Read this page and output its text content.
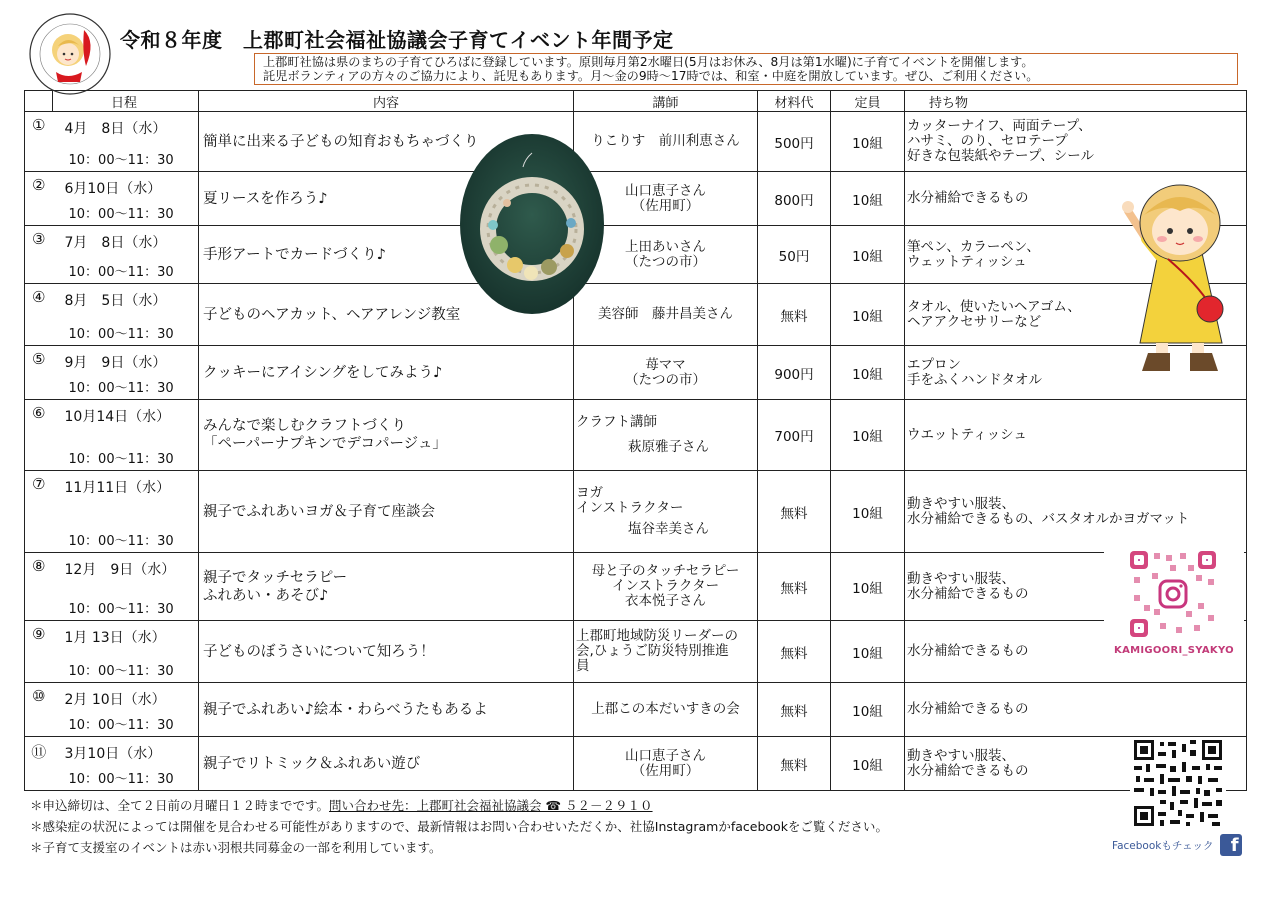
令和８年度　上郡町社会福祉協議会子育てイベント年間予定
上郡町社協は県のまちの子育てひろばに登録しています。原則毎月第2水曜日(5月はお休み、8月は第1水曜)に子育てイベントを開催します。
託児ボランティアの方々のご協力により、託児もあります。月～金の9時～17時では、和室・中庭を開放しています。ぜひ、ご利用ください。
	日程	内容	講師	材料代	定員	持ち物
①	4月　8日（水）
10：00～11：30	簡単に出来る子どもの知育おもちゃづくり	りこりす　前川利恵さん	500円	10組	カッターナイフ、両面テープ、
ハサミ、のり、セロテープ
好きな包装紙やテープ、シール
②	6月10日（水）
10：00～11：30	夏リースを作ろう♪	山口恵子さん
（佐用町）	800円	10組	水分補給できるもの
③	7月　8日（水）
10：00～11：30	手形アートでカードづくり♪	上田あいさん
（たつの市）	50円	10組	筆ペン、カラーペン、
ウェットティッシュ
④	8月　5日（水）
10：00～11：30	子どものヘアカット、ヘアアレンジ教室	美容師　藤井昌美さん	無料	10組	タオル、使いたいヘアゴム、
ヘアアクセサリーなど
⑤	9月　9日（水）
10：00～11：30	クッキーにアイシングをしてみよう♪	苺ママ
（たつの市）	900円	10組	エプロン
手をふくハンドタオル
⑥	10月14日（水）
10：00～11：30	みんなで楽しむクラフトづくり
「ペーパーナプキンでデコパージュ」	クラフト講師

萩原雅子さん	700円	10組	ウエットティッシュ
⑦	11月11日（水）
10：00～11：30	親子でふれあいヨガ＆子育て座談会	ヨガ
インストラクター

塩谷幸美さん	無料	10組	動きやすい服装、
水分補給できるもの、バスタオルかヨガマット
⑧	12月　9日（水）
10：00～11：30	親子でタッチセラピー
ふれあい・あそび♪	母と子のタッチセラピー
インストラクター
衣本悦子さん	無料	10組	動きやすい服装、
水分補給できるもの
⑨	1月 13日（水）
10：00～11：30	子どものぼうさいについて知ろう！	上郡町地域防災リーダーの
会,ひょうご防災特別推進
員	無料	10組	水分補給できるもの
⑩	2月 10日（水）
10：00～11：30	親子でふれあい♪絵本・わらべうたもあるよ	上郡この本だいすきの会	無料	10組	水分補給できるもの
⑪	3月10日（水）
10：00～11：30	親子でリトミック＆ふれあい遊び	山口恵子さん
（佐用町）	無料	10組	動きやすい服装、
水分補給できるもの
KAMIGOORI_SYAKYO
＊申込締切は、全て２日前の月曜日１２時までです。問い合わせ先：上郡町社会福祉協議会 ☎ ５２－２９１０
＊感染症の状況によっては開催を見合わせる可能性がありますので、最新情報はお問い合わせいただくか、社協Instagramかfacebookをご覧ください。
＊子育て支援室のイベントは赤い羽根共同募金の一部を利用しています。	Facebookもチェック f
